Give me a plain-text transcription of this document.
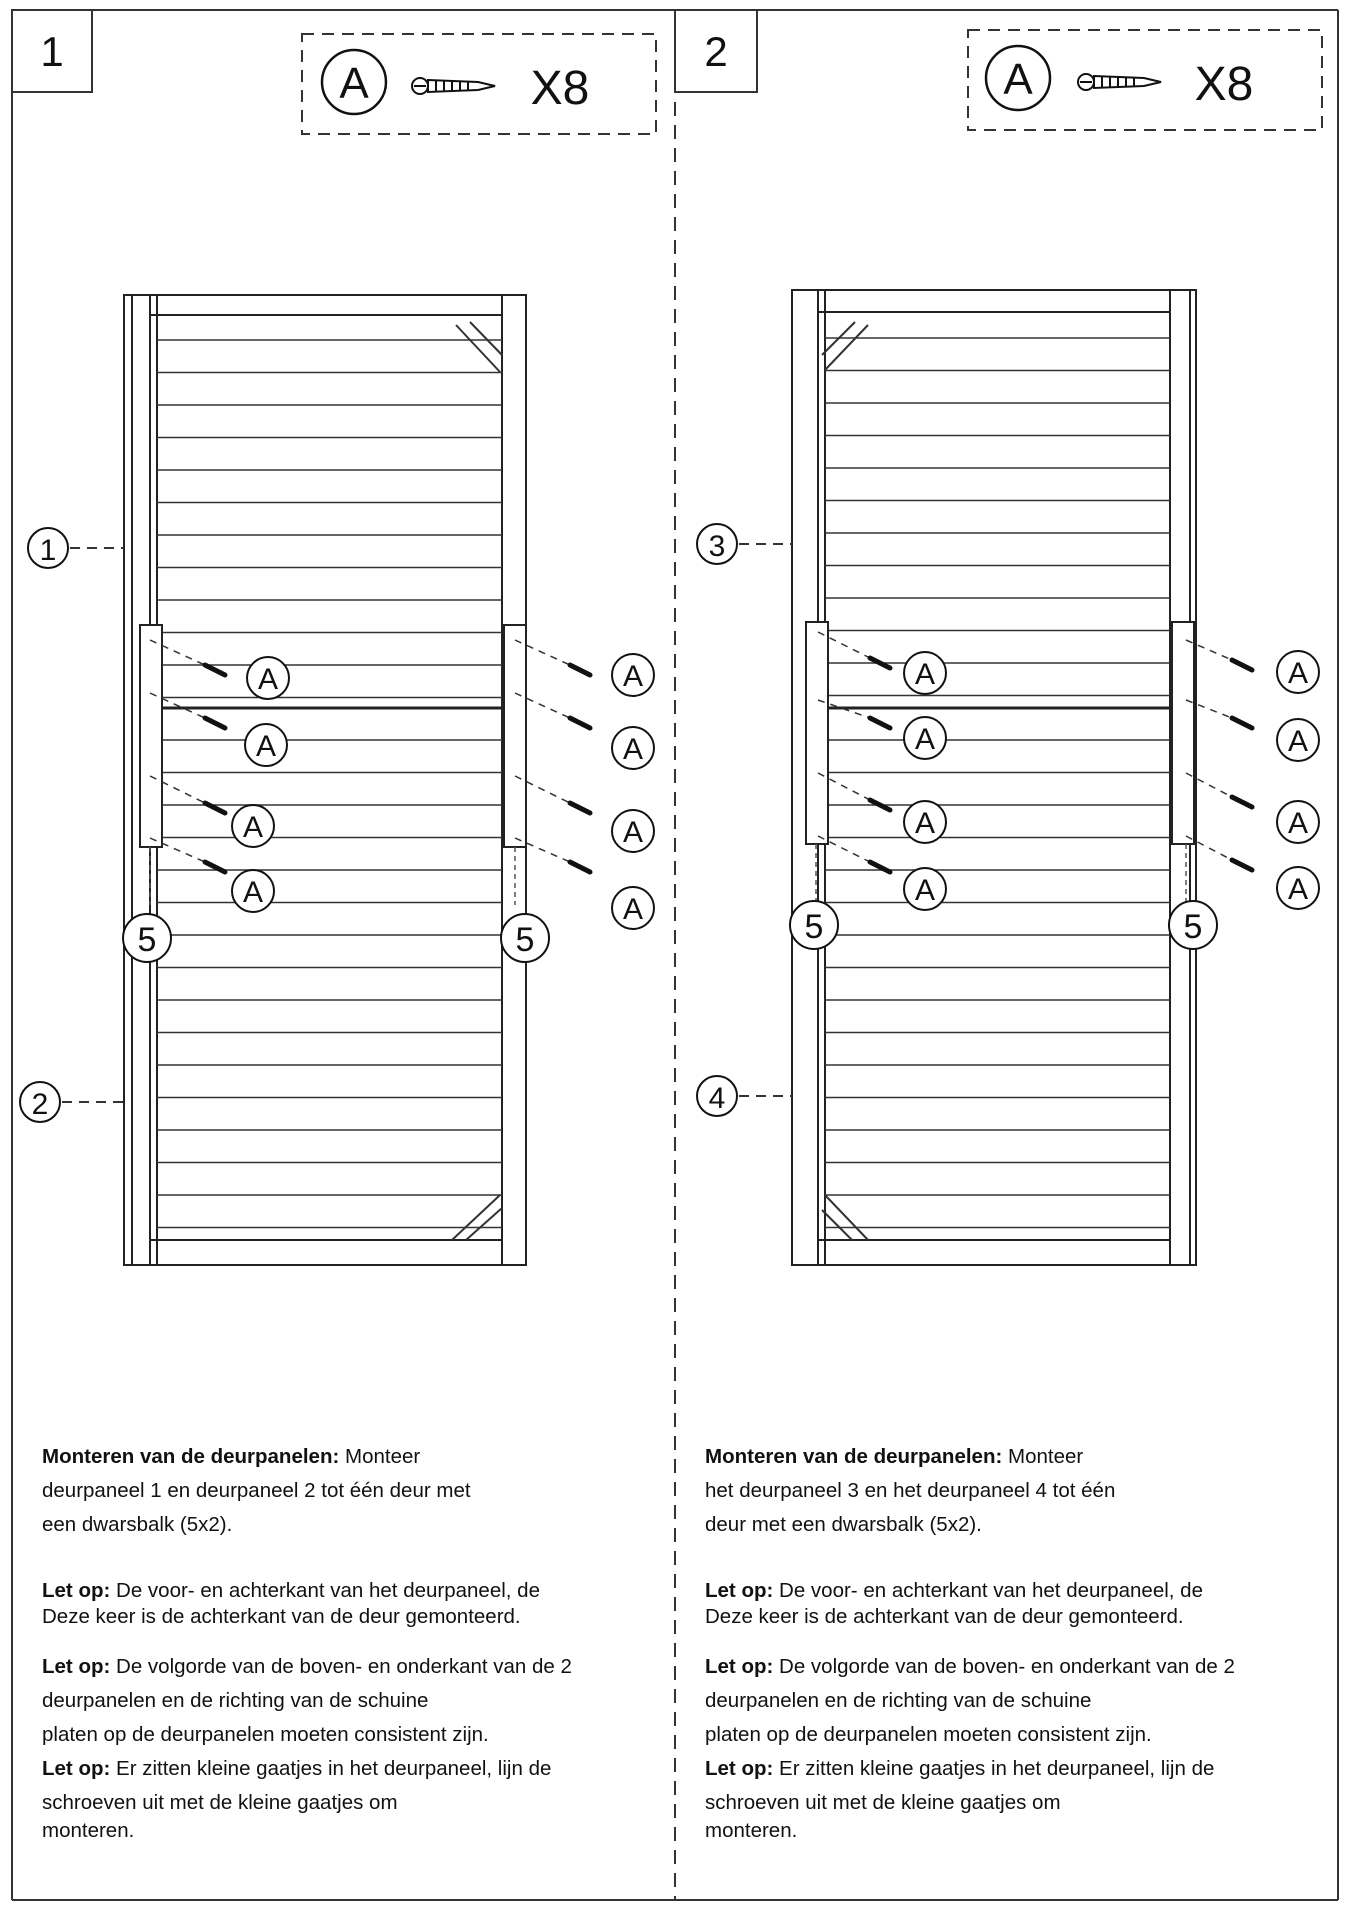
1
A	X8
A
A
A
A
A
A
A
A
1
2
5	5
2
A	X8
A
A
A
A
A
A
A
A
3
4
5	5

Monteren van de deurpanelen: Monteer

deurpaneel 1 en deurpaneel 2 tot één deur met

een dwarsbalk (5x2).

Let op: De voor- en achterkant van het deurpaneel, de

Deze keer is de achterkant van de deur gemonteerd.

Let op: De volgorde van de boven- en onderkant van de 2

deurpanelen en de richting van de schuine

platen op de deurpanelen moeten consistent zijn.

Let op: Er zitten kleine gaatjes in het deurpaneel, lijn de

schroeven uit met de kleine gaatjes om

monteren.

Monteren van de deurpanelen: Monteer

het deurpaneel 3 en het deurpaneel 4 tot één

deur met een dwarsbalk (5x2).

Let op: De voor- en achterkant van het deurpaneel, de

Deze keer is de achterkant van de deur gemonteerd.

Let op: De volgorde van de boven- en onderkant van de 2

deurpanelen en de richting van de schuine

platen op de deurpanelen moeten consistent zijn.

Let op: Er zitten kleine gaatjes in het deurpaneel, lijn de

schroeven uit met de kleine gaatjes om

monteren.
